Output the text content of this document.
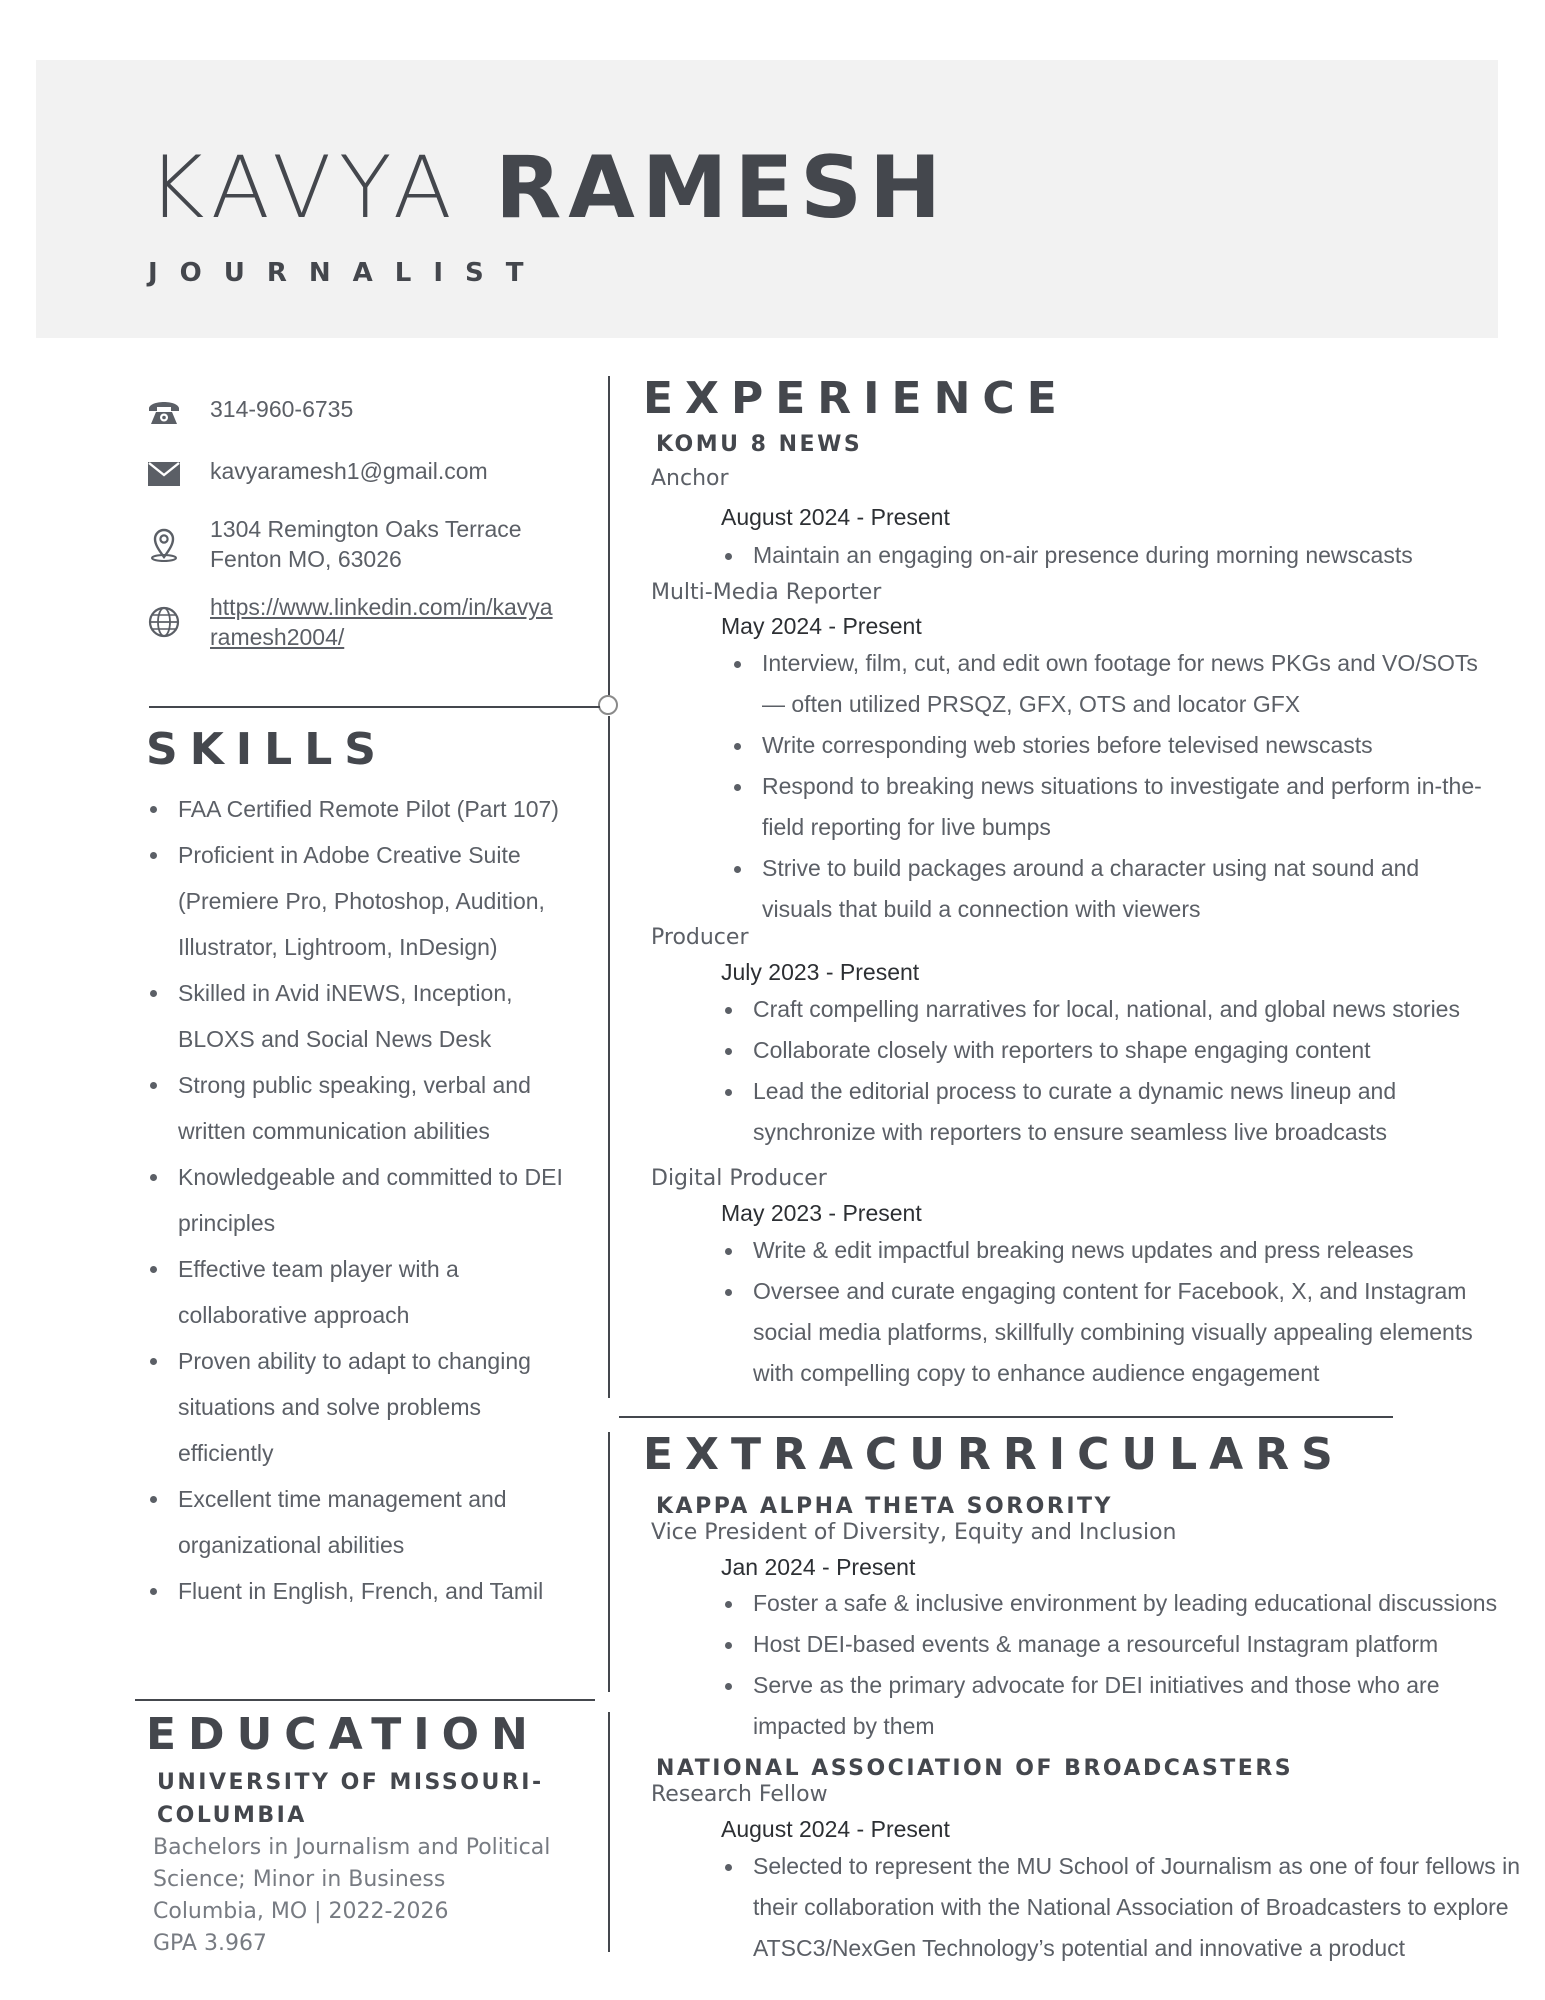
KAVYA RAMESH
JOURNALIST
314-960-6735
kavyaramesh1@gmail.com
1304 Remington Oaks Terrace
Fenton MO, 63026
https://www.linkedin.com/in/kavya
ramesh2004/
SKILLS
FAA Certified Remote Pilot (Part 107)
Proficient in Adobe Creative Suite (Premiere Pro, Photoshop, Audition, Illustrator, Lightroom, InDesign)
Skilled in Avid iNEWS, Inception, BLOXS and Social News Desk
Strong public speaking, verbal and written communication abilities
Knowledgeable and committed to DEI principles
Effective team player with a collaborative approach
Proven ability to adapt to changing situations and solve problems efficiently
Excellent time management and organizational abilities
Fluent in English, French, and Tamil
EDUCATION
UNIVERSITY OF MISSOURI-COLUMBIA
Bachelors in Journalism and Political
Science; Minor in Business
Columbia, MO | 2022-2026
GPA 3.967
EXPERIENCE
KOMU 8 NEWS
Anchor
August 2024 - Present
Maintain an engaging on-air presence during morning newscasts
Multi-Media Reporter
May 2024 - Present
Interview, film, cut, and edit own footage for news PKGs and VO/SOTs — often utilized PRSQZ, GFX, OTS and locator GFX
Write corresponding web stories before televised newscasts
Respond to breaking news situations to investigate and perform in-the-field reporting for live bumps
Strive to build packages around a character using nat sound and visuals that build a connection with viewers
Producer
July 2023 - Present
Craft compelling narratives for local, national, and global news stories
Collaborate closely with reporters to shape engaging content
Lead the editorial process to curate a dynamic news lineup and synchronize with reporters to ensure seamless live broadcasts
Digital Producer
May 2023 - Present
Write & edit impactful breaking news updates and press releases
Oversee and curate engaging content for Facebook, X, and Instagram social media platforms, skillfully combining visually appealing elements with compelling copy to enhance audience engagement
EXTRACURRICULARS
KAPPA ALPHA THETA SORORITY
Vice President of Diversity, Equity and Inclusion
Jan 2024 - Present
Foster a safe & inclusive environment by leading educational discussions
Host DEI-based events & manage a resourceful Instagram platform
Serve as the primary advocate for DEI initiatives and those who are impacted by them
NATIONAL ASSOCIATION OF BROADCASTERS
Research Fellow
August 2024 - Present
Selected to represent the MU School of Journalism as one of four fellows in their collaboration with the National Association of Broadcasters to explore ATSC3/NexGen Technology’s potential and innovative a product
